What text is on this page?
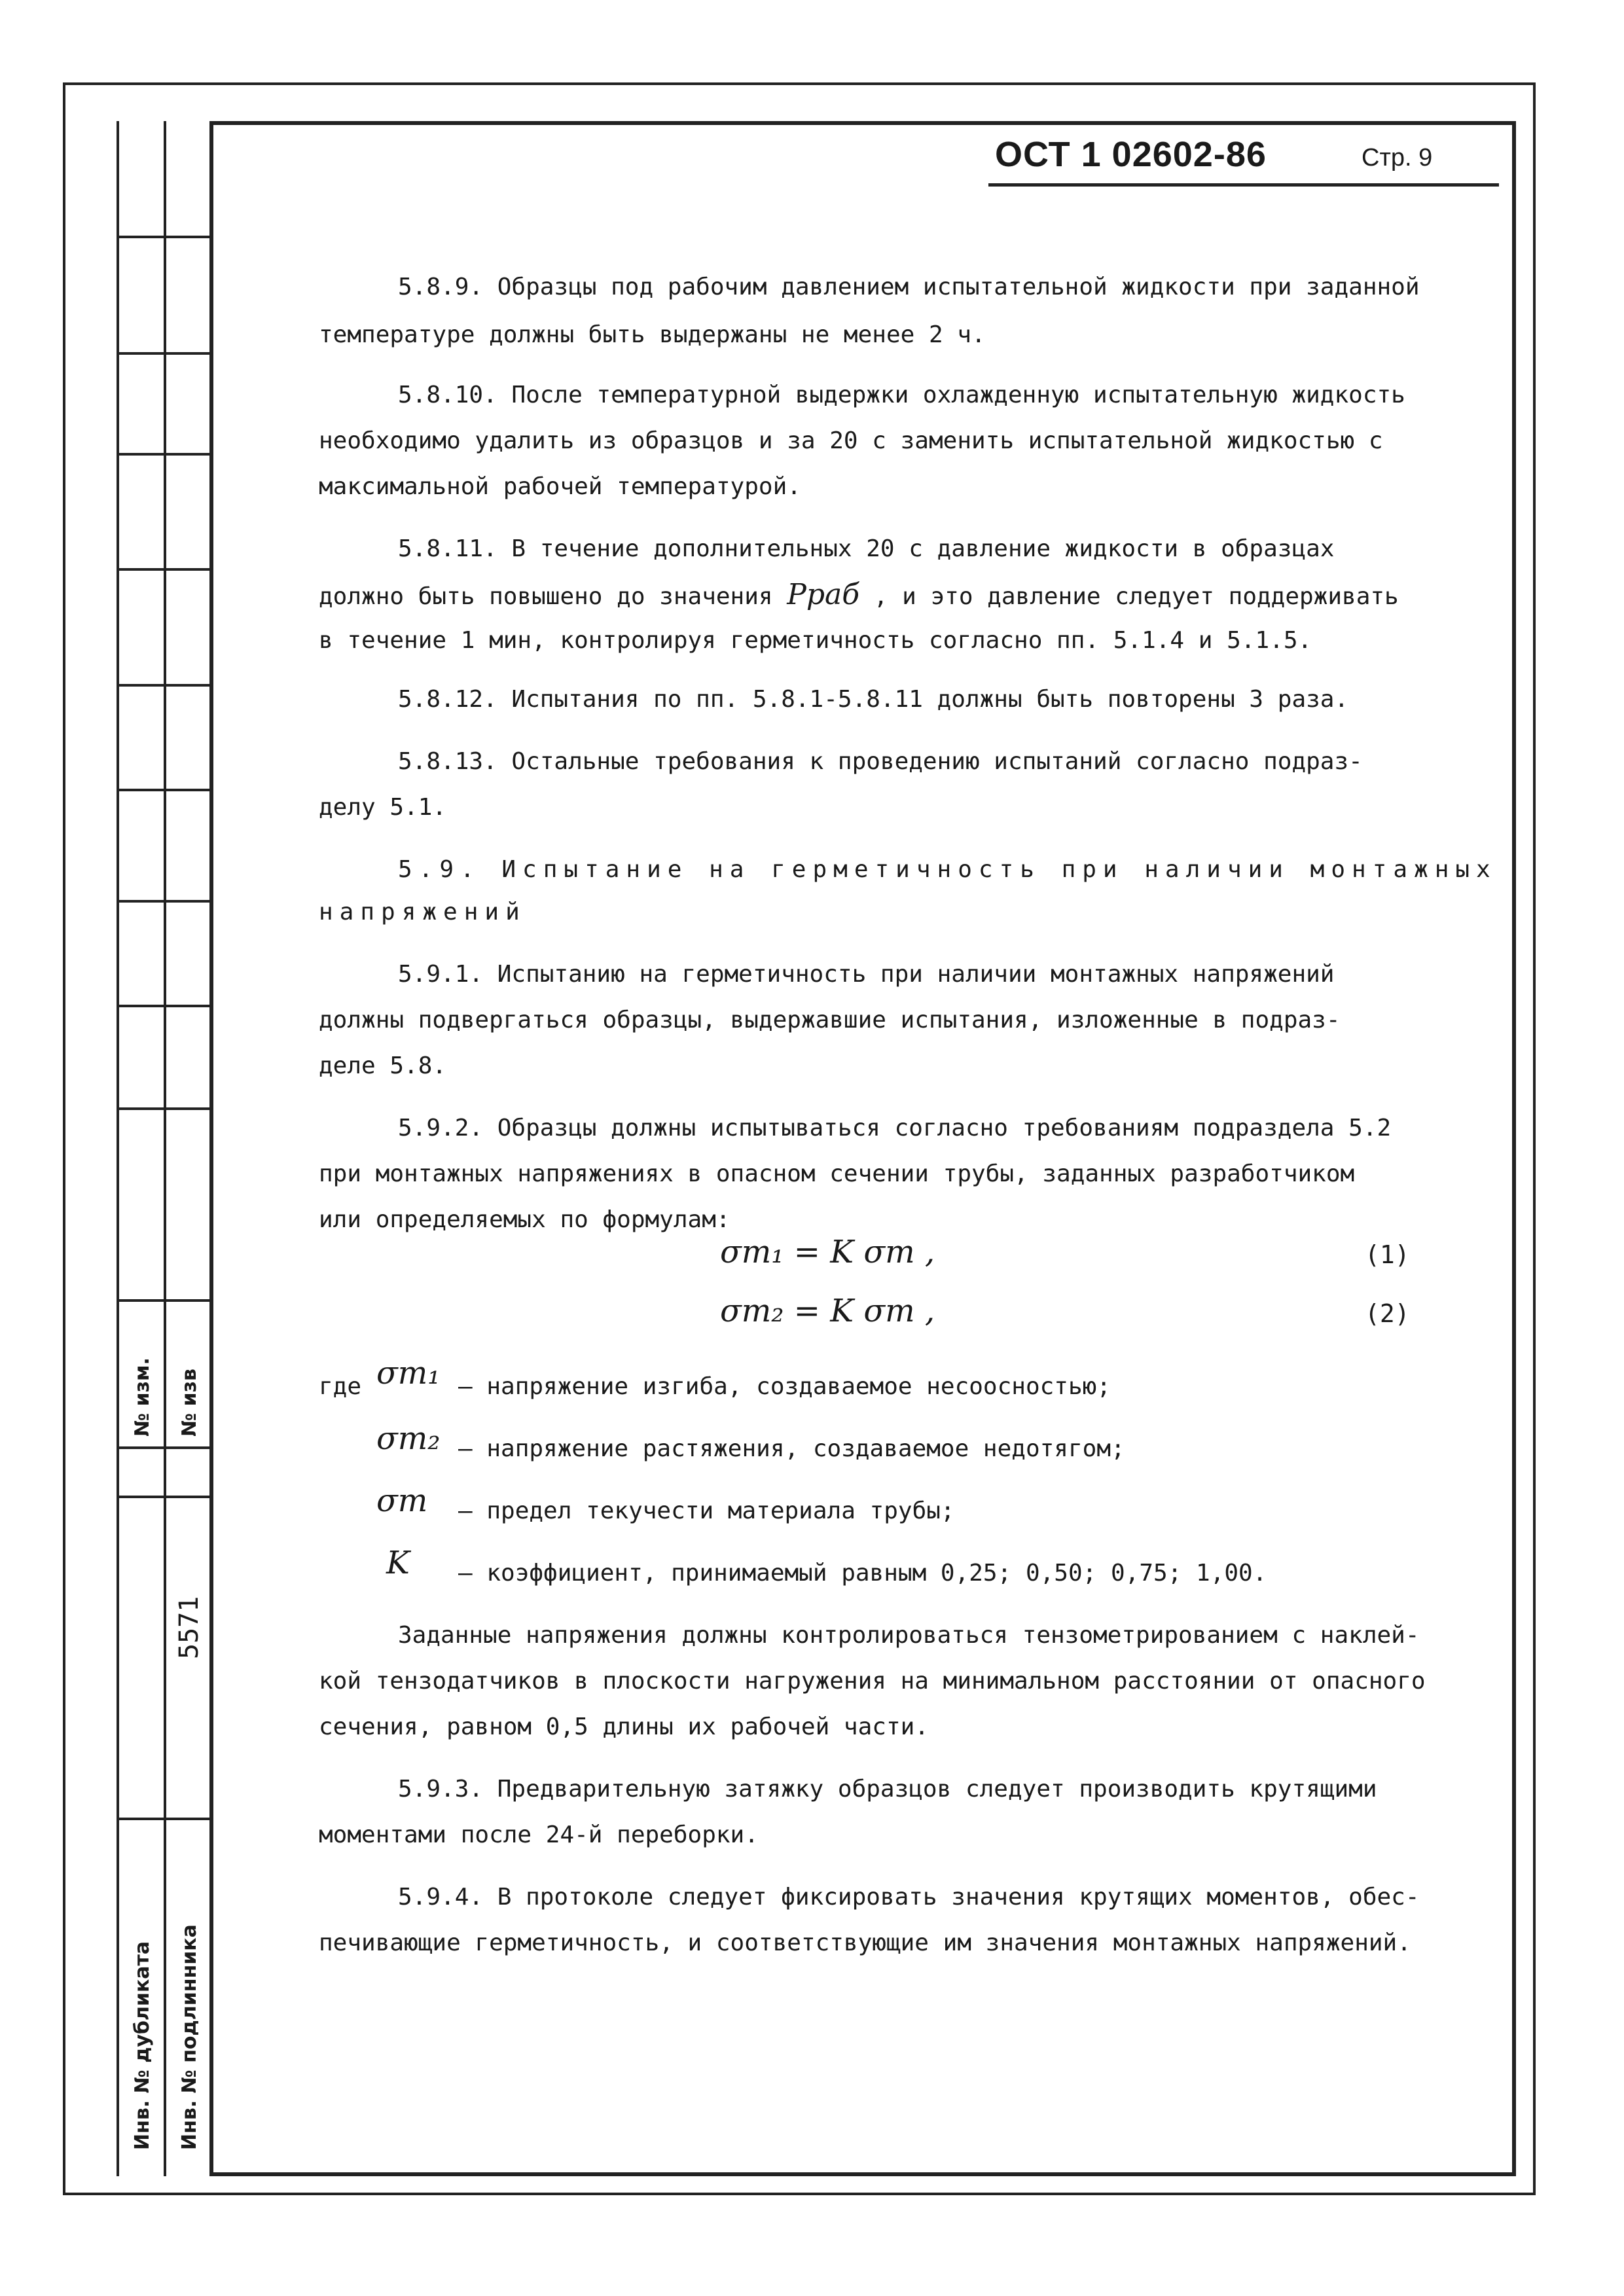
№ изм. № изв
5571
Инв. № дубликата Инв. № подлинника
ОСТ 1 02602-86	Стр. 9
5.8.9. Образцы под рабочим давлением испытательной жидкости при заданной
температуре должны быть выдержаны не менее 2 ч.
5.8.10. После температурной выдержки охлажденную испытательную жидкость
необходимо удалить из образцов и за 20 с заменить испытательной жидкостью с
максимальной рабочей температурой.
5.8.11. В течение дополнительных 20 с давление жидкости в образцах
должно быть повышено до значения Pраб , и это давление следует поддерживать
в течение 1 мин, контролируя герметичность согласно пп. 5.1.4 и 5.1.5.
5.8.12. Испытания по пп. 5.8.1-5.8.11 должны быть повторены 3 раза.
5.8.13. Остальные требования к проведению испытаний согласно подраз-
делу 5.1.
5.9. Испытание на герметичность при наличии монтажных
напряжений
5.9.1. Испытанию на герметичность при наличии монтажных напряжений
должны подвергаться образцы, выдержавшие испытания, изложенные в подраз-
деле 5.8.
5.9.2. Образцы должны испытываться согласно требованиям подраздела 5.2
при монтажных напряжениях в опасном сечении трубы, заданных разработчиком
или определяемых по формулам:
σm₁ = K σт ,	(1)
σm₂ = K σт ,	(2)
где σm₁ – напряжение изгиба, создаваемое несоосностью;
σm₂ – напряжение растяжения, создаваемое недотягом;
σт – предел текучести материала трубы;
K – коэффициент, принимаемый равным 0,25; 0,50; 0,75; 1,00.
Заданные напряжения должны контролироваться тензометрированием с наклей-
кой тензодатчиков в плоскости нагружения на минимальном расстоянии от опасного
сечения, равном 0,5 длины их рабочей части.
5.9.3. Предварительную затяжку образцов следует производить крутящими
моментами после 24-й переборки.
5.9.4. В протоколе следует фиксировать значения крутящих моментов, обес-
печивающие герметичность, и соответствующие им значения монтажных напряжений.
